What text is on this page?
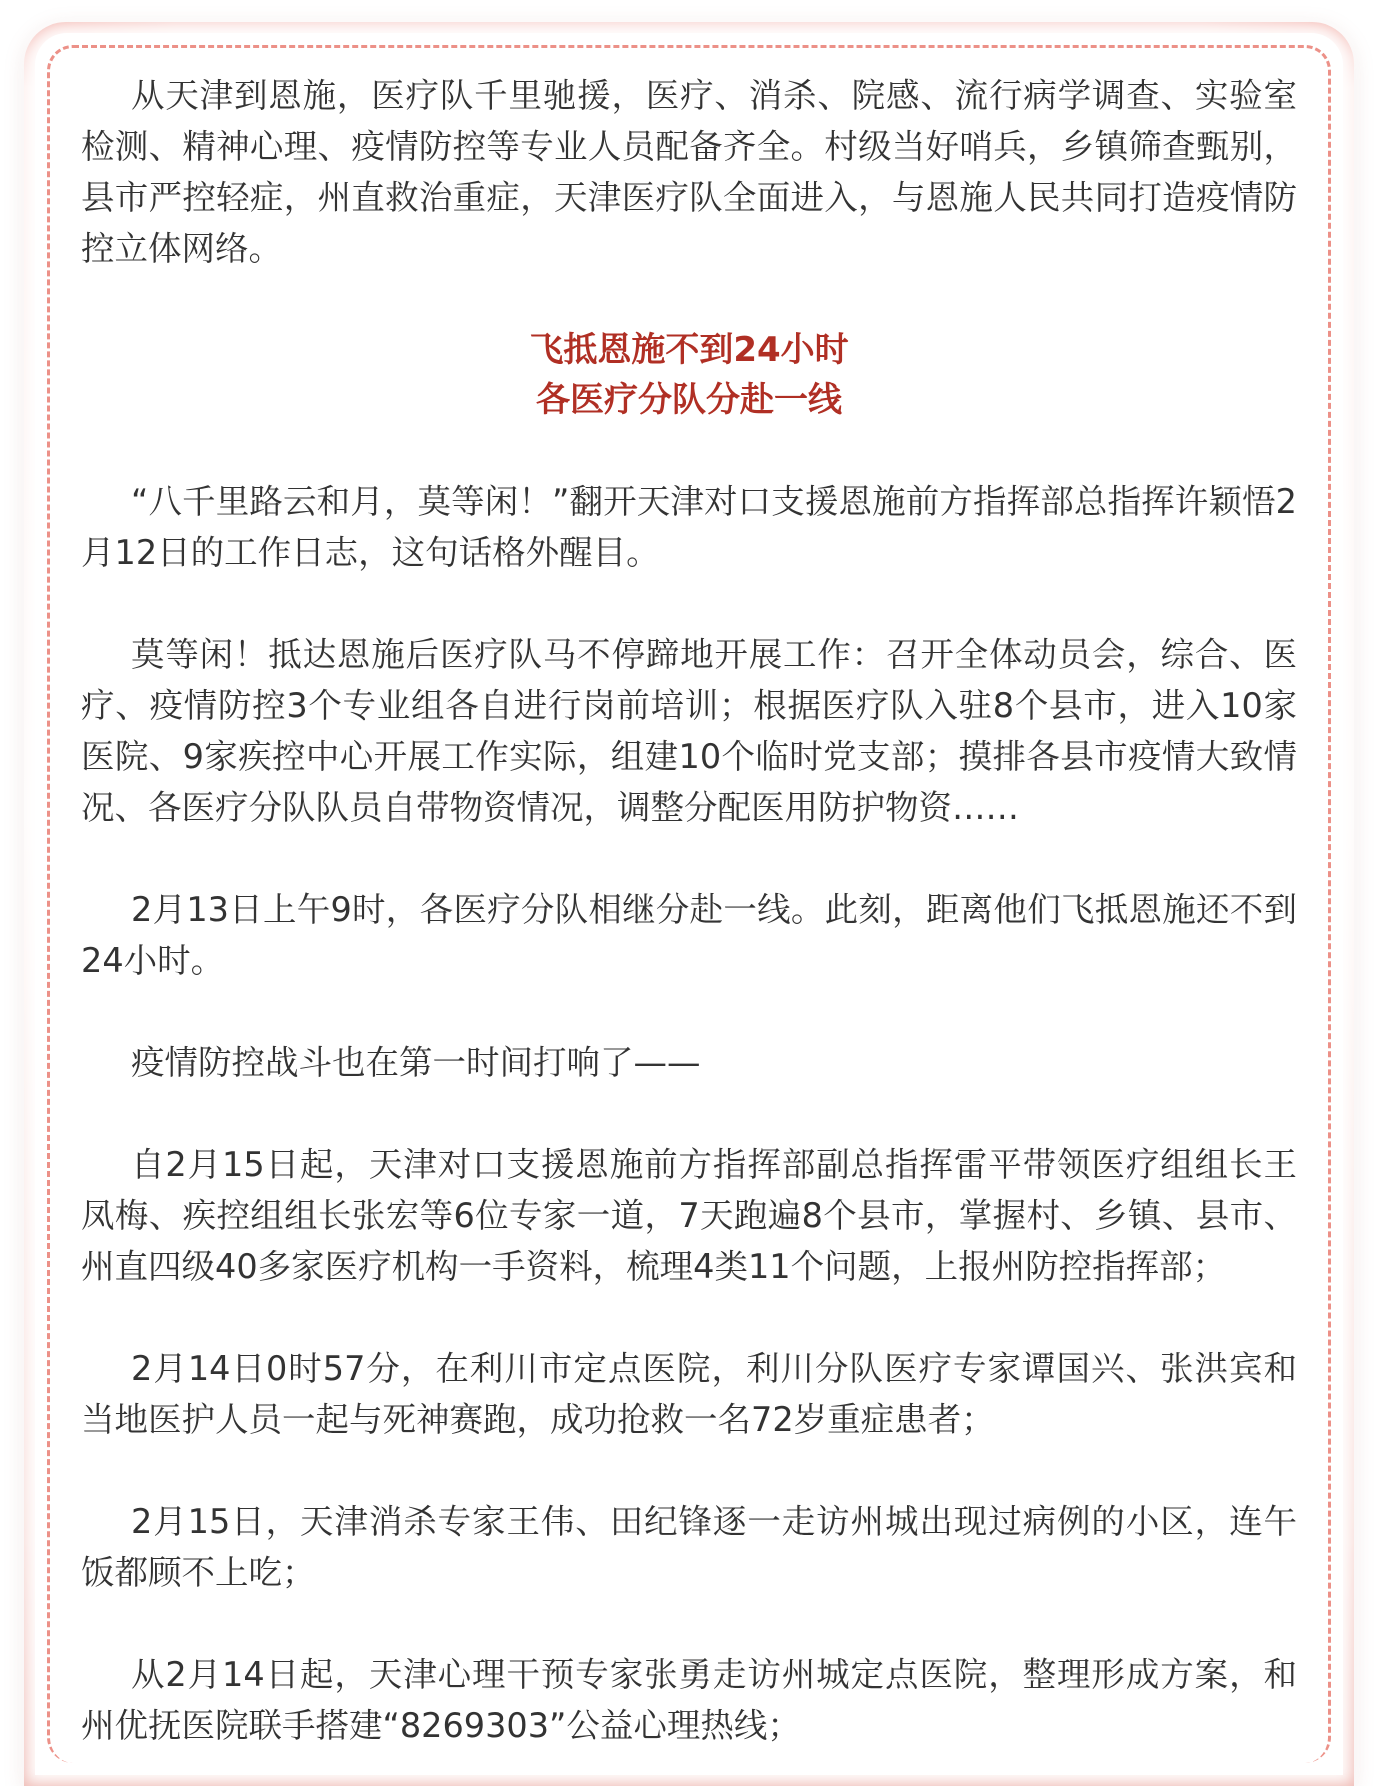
从天津到恩施，医疗队千里驰援，医疗、消杀、院感、流行病学调查、实验室检测、精神心理、疫情防控等专业人员配备齐全。村级当好哨兵，乡镇筛查甄别，县市严控轻症，州直救治重症，天津医疗队全面进入，与恩施人民共同打造疫情防控立体网络。

飞抵恩施不到24小时
各医疗分队分赴一线

“八千里路云和月，莫等闲！”翻开天津对口支援恩施前方指挥部总指挥许颖悟2月12日的工作日志，这句话格外醒目。

莫等闲！抵达恩施后医疗队马不停蹄地开展工作：召开全体动员会，综合、医疗、疫情防控3个专业组各自进行岗前培训；根据医疗队入驻8个县市，进入10家医院、9家疾控中心开展工作实际，组建10个临时党支部；摸排各县市疫情大致情况、各医疗分队队员自带物资情况，调整分配医用防护物资……

2月13日上午9时，各医疗分队相继分赴一线。此刻，距离他们飞抵恩施还不到24小时。

疫情防控战斗也在第一时间打响了——

自2月15日起，天津对口支援恩施前方指挥部副总指挥雷平带领医疗组组长王凤梅、疾控组组长张宏等6位专家一道，7天跑遍8个县市，掌握村、乡镇、县市、州直四级40多家医疗机构一手资料，梳理4类11个问题，上报州防控指挥部；

2月14日0时57分，在利川市定点医院，利川分队医疗专家谭国兴、张洪宾和当地医护人员一起与死神赛跑，成功抢救一名72岁重症患者；

2月15日，天津消杀专家王伟、田纪锋逐一走访州城出现过病例的小区，连午饭都顾不上吃；

从2月14日起，天津心理干预专家张勇走访州城定点医院，整理形成方案，和州优抚医院联手搭建“8269303”公益心理热线；
